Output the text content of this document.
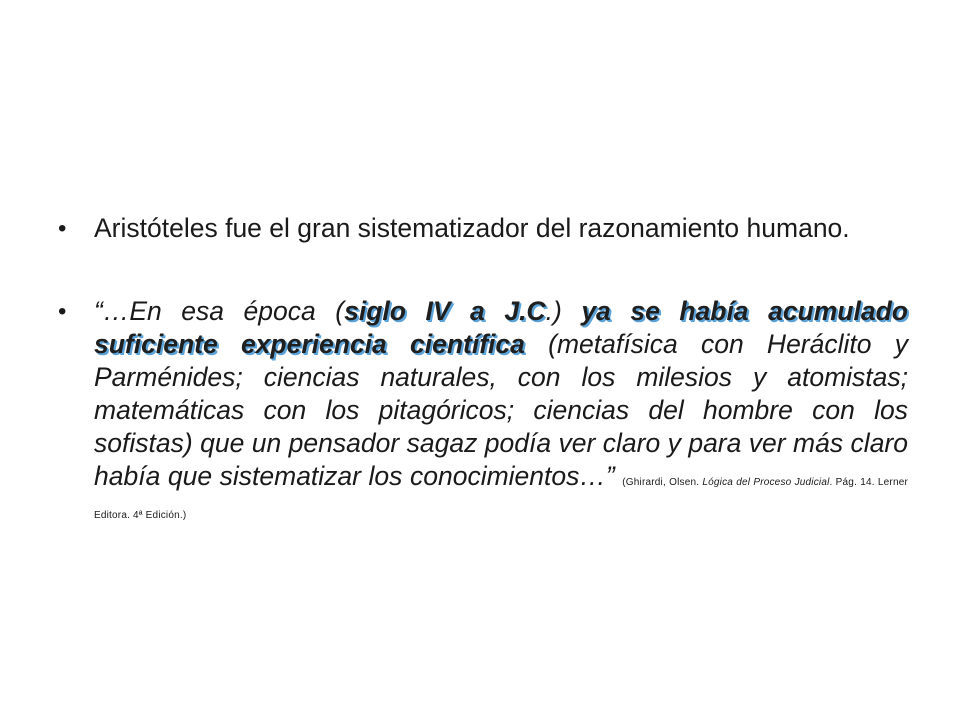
• Aristóteles fue el gran sistematizador del razonamiento humano.
• “…En esa época (siglo IV a J.C.) ya se había acumulado suficiente experiencia científica (metafísica con Heráclito y Parménides; ciencias naturales, con los milesios y atomistas; matemáticas con los pitagóricos; ciencias del hombre con los sofistas) que un pensador sagaz podía ver claro y para ver más claro había que sistematizar los conocimientos…” (Ghirardi, Olsen. Lógica del Proceso Judicial. Pág. 14. Lerner Editora. 4ª Edición.)
